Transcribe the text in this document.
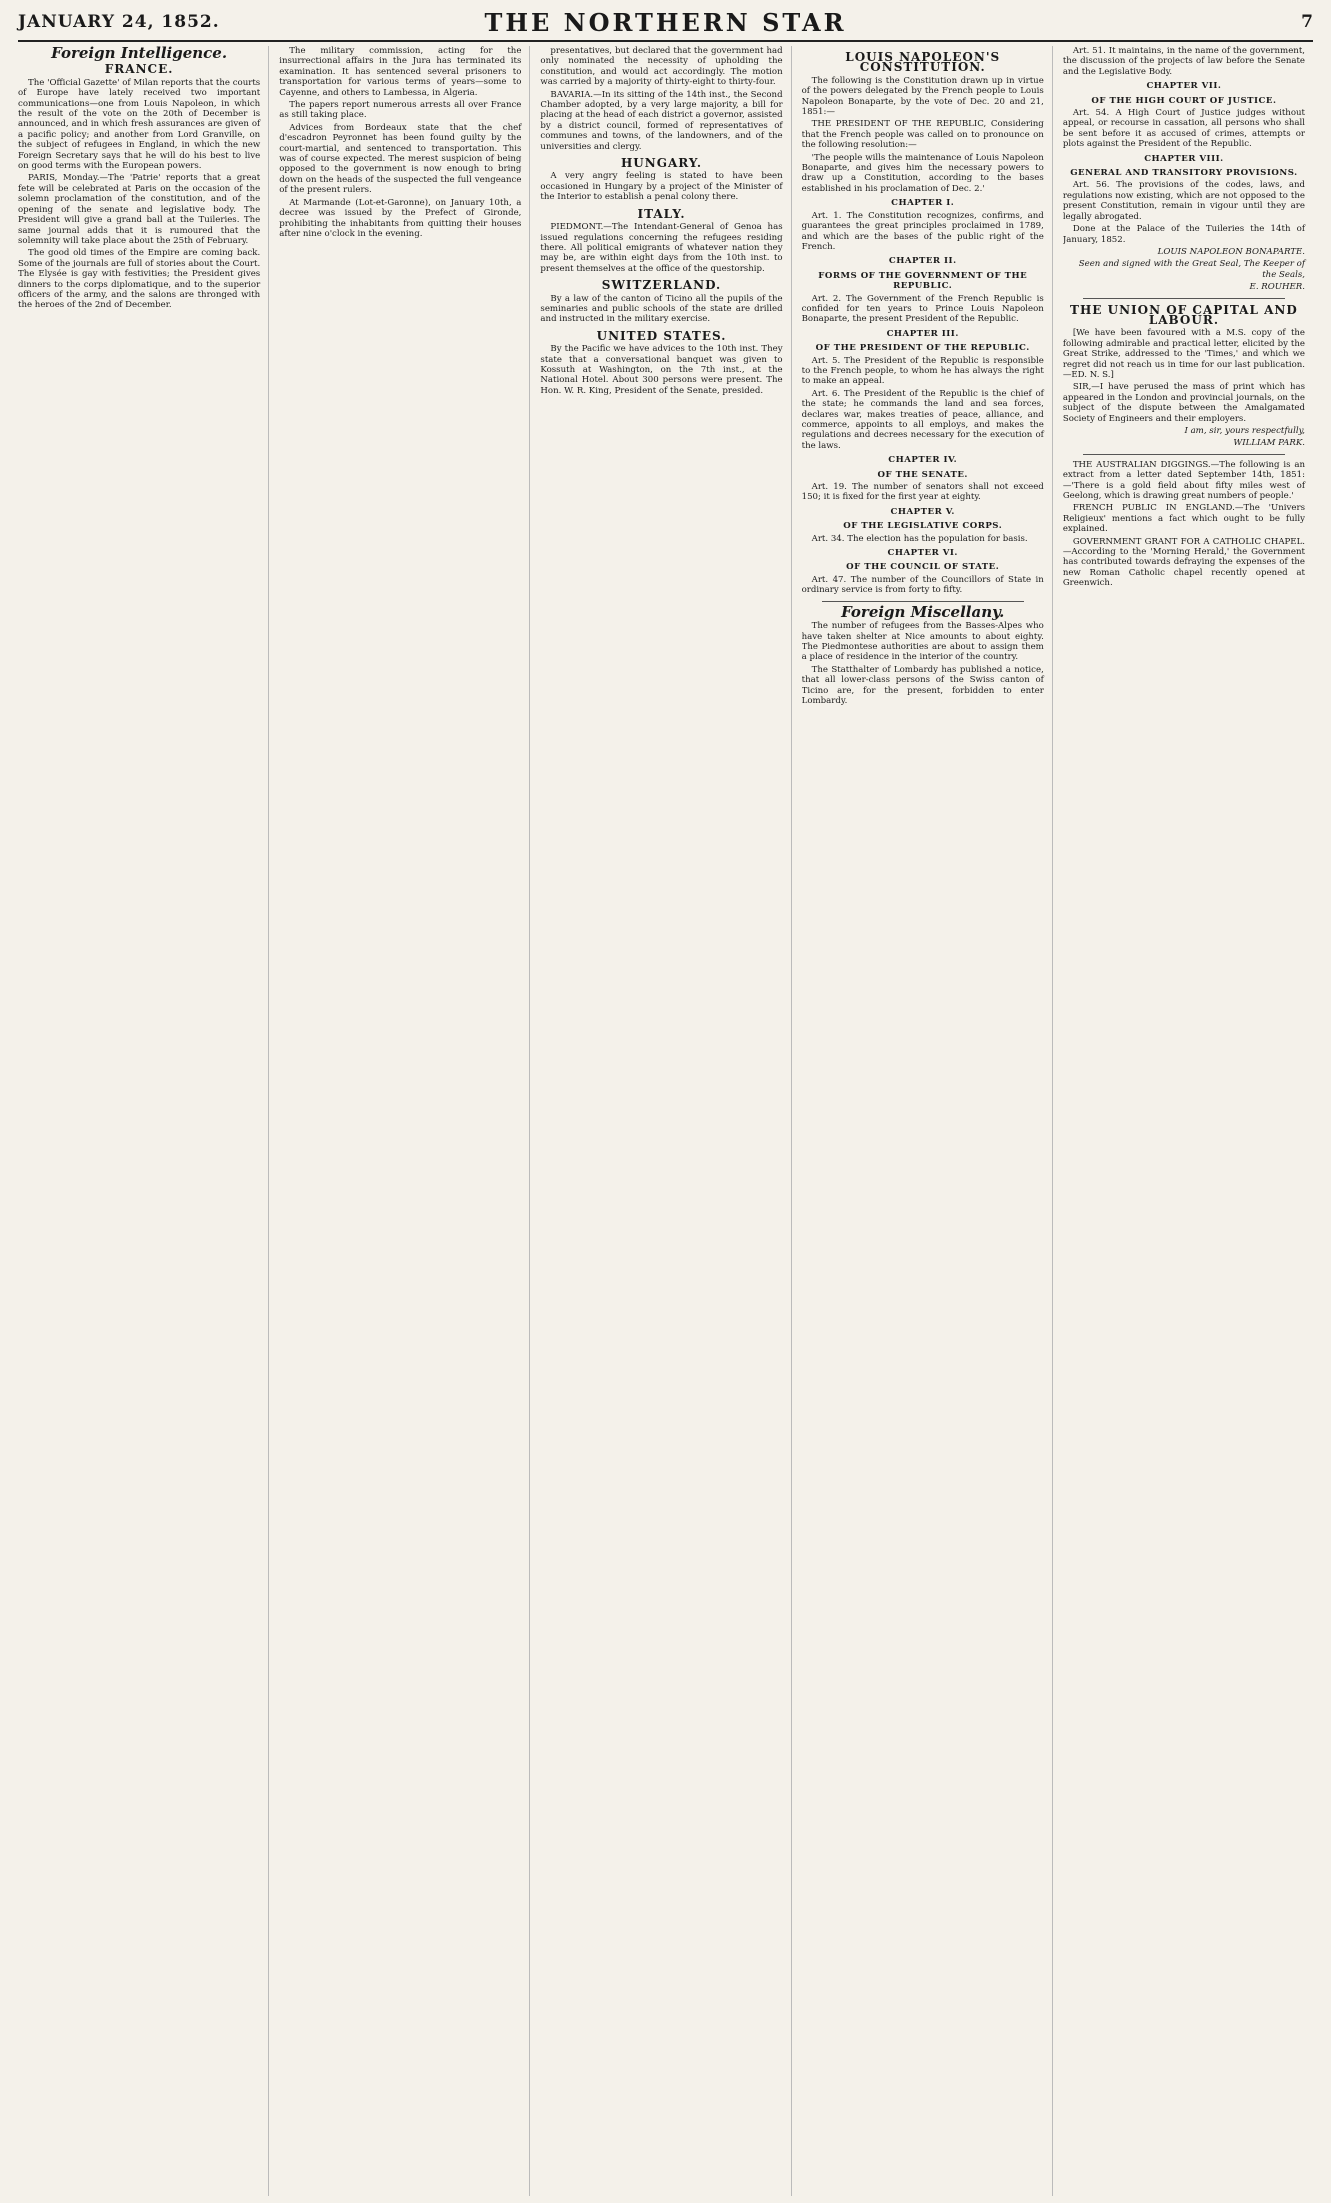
JANUARY 24, 1852.	THE NORTHERN STAR	7
Foreign Intelligence.
FRANCE.

The 'Official Gazette' of Milan reports that the courts of Europe have lately received two important communications—one from Louis Napoleon, in which the result of the vote on the 20th of December is announced, and in which fresh assurances are given of a pacific policy; and another from Lord Granville, on the subject of refugees in England, in which the new Foreign Secretary says that he will do his best to live on good terms with the European powers.

PARIS, Monday.—The 'Patrie' reports that a great fete will be celebrated at Paris on the occasion of the solemn proclamation of the constitution, and of the opening of the senate and legislative body. The President will give a grand ball at the Tuileries. The same journal adds that it is rumoured that the solemnity will take place about the 25th of February.

The good old times of the Empire are coming back. Some of the journals are full of stories about the Court. The Elysée is gay with festivities; the President gives dinners to the corps diplomatique, and to the superior officers of the army, and the salons are thronged with the heroes of the 2nd of December.

The military commission, acting for the insurrectional affairs in the Jura has terminated its examination. It has sentenced several prisoners to transportation for various terms of years—some to Cayenne, and others to Lambessa, in Algeria.

The papers report numerous arrests all over France as still taking place.

Advices from Bordeaux state that the chef d'escadron Peyronnet has been found guilty by the court-martial, and sentenced to transportation. This was of course expected. The merest suspicion of being opposed to the government is now enough to bring down on the heads of the suspected the full vengeance of the present rulers.

At Marmande (Lot-et-Garonne), on January 10th, a decree was issued by the Prefect of Gironde, prohibiting the inhabitants from quitting their houses after nine o'clock in the evening.

presentatives, but declared that the government had only nominated the necessity of upholding the constitution, and would act accordingly. The motion was carried by a majority of thirty-eight to thirty-four.

BAVARIA.—In its sitting of the 14th inst., the Second Chamber adopted, by a very large majority, a bill for placing at the head of each district a governor, assisted by a district council, formed of representatives of communes and towns, of the landowners, and of the universities and clergy.

HUNGARY.

A very angry feeling is stated to have been occasioned in Hungary by a project of the Minister of the Interior to establish a penal colony there.

ITALY.

PIEDMONT.—The Intendant-General of Genoa has issued regulations concerning the refugees residing there. All political emigrants of whatever nation they may be, are within eight days from the 10th inst. to present themselves at the office of the questorship.

SWITZERLAND.

By a law of the canton of Ticino all the pupils of the seminaries and public schools of the state are drilled and instructed in the military exercise.

UNITED STATES.

By the Pacific we have advices to the 10th inst. They state that a conversational banquet was given to Kossuth at Washington, on the 7th inst., at the National Hotel. About 300 persons were present. The Hon. W. R. King, President of the Senate, presided.

LOUIS NAPOLEON'S CONSTITUTION.

The following is the Constitution drawn up in virtue of the powers delegated by the French people to Louis Napoleon Bonaparte, by the vote of Dec. 20 and 21, 1851:—

THE PRESIDENT OF THE REPUBLIC, Considering that the French people was called on to pronounce on the following resolution:—

'The people wills the maintenance of Louis Napoleon Bonaparte, and gives him the necessary powers to draw up a Constitution, according to the bases established in his proclamation of Dec. 2.'

CHAPTER I.

Art. 1. The Constitution recognizes, confirms, and guarantees the great principles proclaimed in 1789, and which are the bases of the public right of the French.

CHAPTER II.
FORMS OF THE GOVERNMENT OF THE REPUBLIC.

Art. 2. The Government of the French Republic is confided for ten years to Prince Louis Napoleon Bonaparte, the present President of the Republic.

CHAPTER III.
OF THE PRESIDENT OF THE REPUBLIC.

Art. 5. The President of the Republic is responsible to the French people, to whom he has always the right to make an appeal.

Art. 6. The President of the Republic is the chief of the state; he commands the land and sea forces, declares war, makes treaties of peace, alliance, and commerce, appoints to all employs, and makes the regulations and decrees necessary for the execution of the laws.

CHAPTER IV.
OF THE SENATE.

Art. 19. The number of senators shall not exceed 150; it is fixed for the first year at eighty.

CHAPTER V.
OF THE LEGISLATIVE CORPS.

Art. 34. The election has the population for basis.

CHAPTER VI.
OF THE COUNCIL OF STATE.

Art. 47. The number of the Councillors of State in ordinary service is from forty to fifty.

Foreign Miscellany.

The number of refugees from the Basses-Alpes who have taken shelter at Nice amounts to about eighty. The Piedmontese authorities are about to assign them a place of residence in the interior of the country.

The Statthalter of Lombardy has published a notice, that all lower-class persons of the Swiss canton of Ticino are, for the present, forbidden to enter Lombardy.

Art. 51. It maintains, in the name of the government, the discussion of the projects of law before the Senate and the Legislative Body.

CHAPTER VII.
OF THE HIGH COURT OF JUSTICE.

Art. 54. A High Court of Justice judges without appeal, or recourse in cassation, all persons who shall be sent before it as accused of crimes, attempts or plots against the President of the Republic.

CHAPTER VIII.
GENERAL AND TRANSITORY PROVISIONS.

Art. 56. The provisions of the codes, laws, and regulations now existing, which are not opposed to the present Constitution, remain in vigour until they are legally abrogated.

Done at the Palace of the Tuileries the 14th of January, 1852.

LOUIS NAPOLEON BONAPARTE.
Seen and signed with the Great Seal, The Keeper of the Seals,
E. ROUHER.
THE UNION OF CAPITAL AND LABOUR.

[We have been favoured with a M.S. copy of the following admirable and practical letter, elicited by the Great Strike, addressed to the 'Times,' and which we regret did not reach us in time for our last publication.—ED. N. S.]

SIR,—I have perused the mass of print which has appeared in the London and provincial journals, on the subject of the dispute between the Amalgamated Society of Engineers and their employers.

I am, sir, yours respectfully,
WILLIAM PARK.

THE AUSTRALIAN DIGGINGS.—The following is an extract from a letter dated September 14th, 1851:—'There is a gold field about fifty miles west of Geelong, which is drawing great numbers of people.'

FRENCH PUBLIC IN ENGLAND.—The 'Univers Religieux' mentions a fact which ought to be fully explained.

GOVERNMENT GRANT FOR A CATHOLIC CHAPEL.—According to the 'Morning Herald,' the Government has contributed towards defraying the expenses of the new Roman Catholic chapel recently opened at Greenwich.
